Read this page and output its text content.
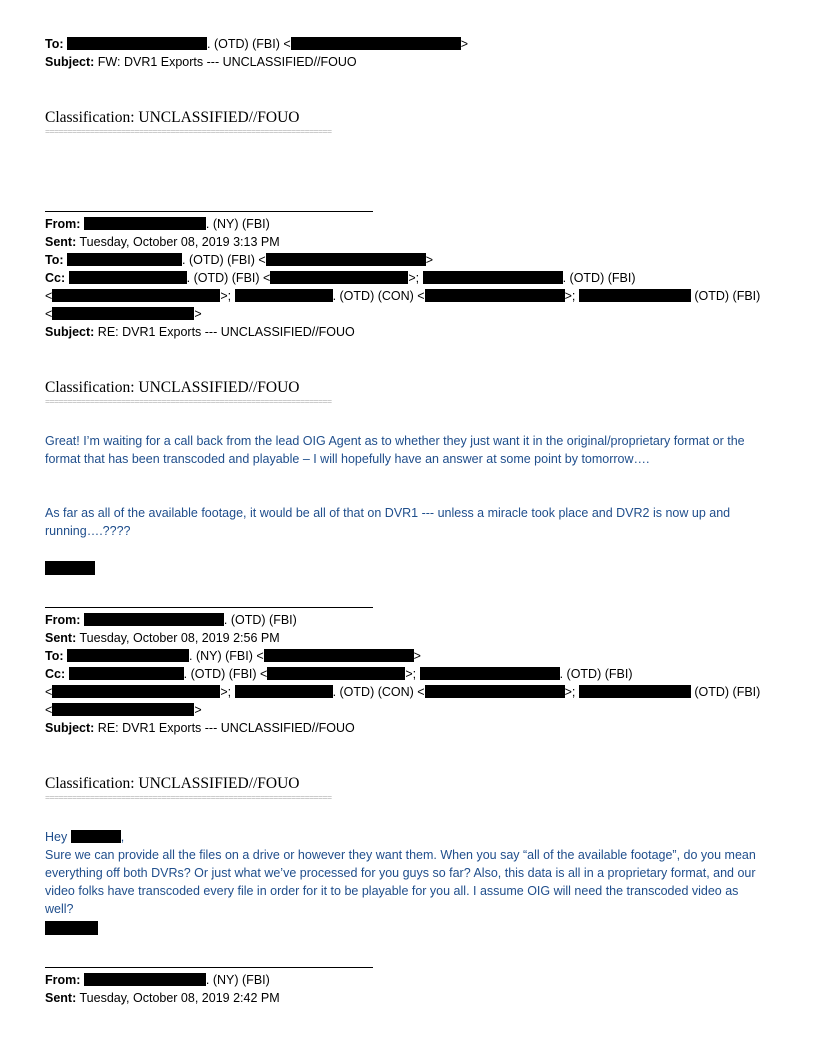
To:	. (OTD) (FBI) <	>
Subject: FW: DVR1 Exports --- UNCLASSIFIED//FOUO
Classification: UNCLASSIFIED//FOUO
================================================================
From:	. (NY) (FBI)
Sent: Tuesday, October 08, 2019 3:13 PM
To:	. (OTD) (FBI) <	>
Cc:	. (OTD) (FBI) <	>;	. (OTD) (FBI)
<	>;	. (OTD) (CON) <	>;	(OTD) (FBI)
<	>
Subject: RE: DVR1 Exports --- UNCLASSIFIED//FOUO
Classification: UNCLASSIFIED//FOUO
================================================================
Great! I’m waiting for a call back from the lead OIG Agent as to whether they just want it in the original/proprietary format or the format that has been transcoded and playable – I will hopefully have an answer at some point by tomorrow….
As far as all of the available footage, it would be all of that on DVR1 --- unless a miracle took place and DVR2 is now up and running….????
From:	. (OTD) (FBI)
Sent: Tuesday, October 08, 2019 2:56 PM
To:	. (NY) (FBI) <	>
Cc:	. (OTD) (FBI) <	>;	. (OTD) (FBI)
<	>;	. (OTD) (CON) <	>;	(OTD) (FBI)
<	>
Subject: RE: DVR1 Exports --- UNCLASSIFIED//FOUO
Classification: UNCLASSIFIED//FOUO
================================================================
Hey	,
Sure we can provide all the files on a drive or however they want them. When you say “all of the available footage”, do you mean everything off both DVRs? Or just what we’ve processed for you guys so far? Also, this data is all in a proprietary format, and our video folks have transcoded every file in order for it to be playable for you all. I assume OIG will need the transcoded video as well?
From:	. (NY) (FBI)
Sent: Tuesday, October 08, 2019 2:42 PM
